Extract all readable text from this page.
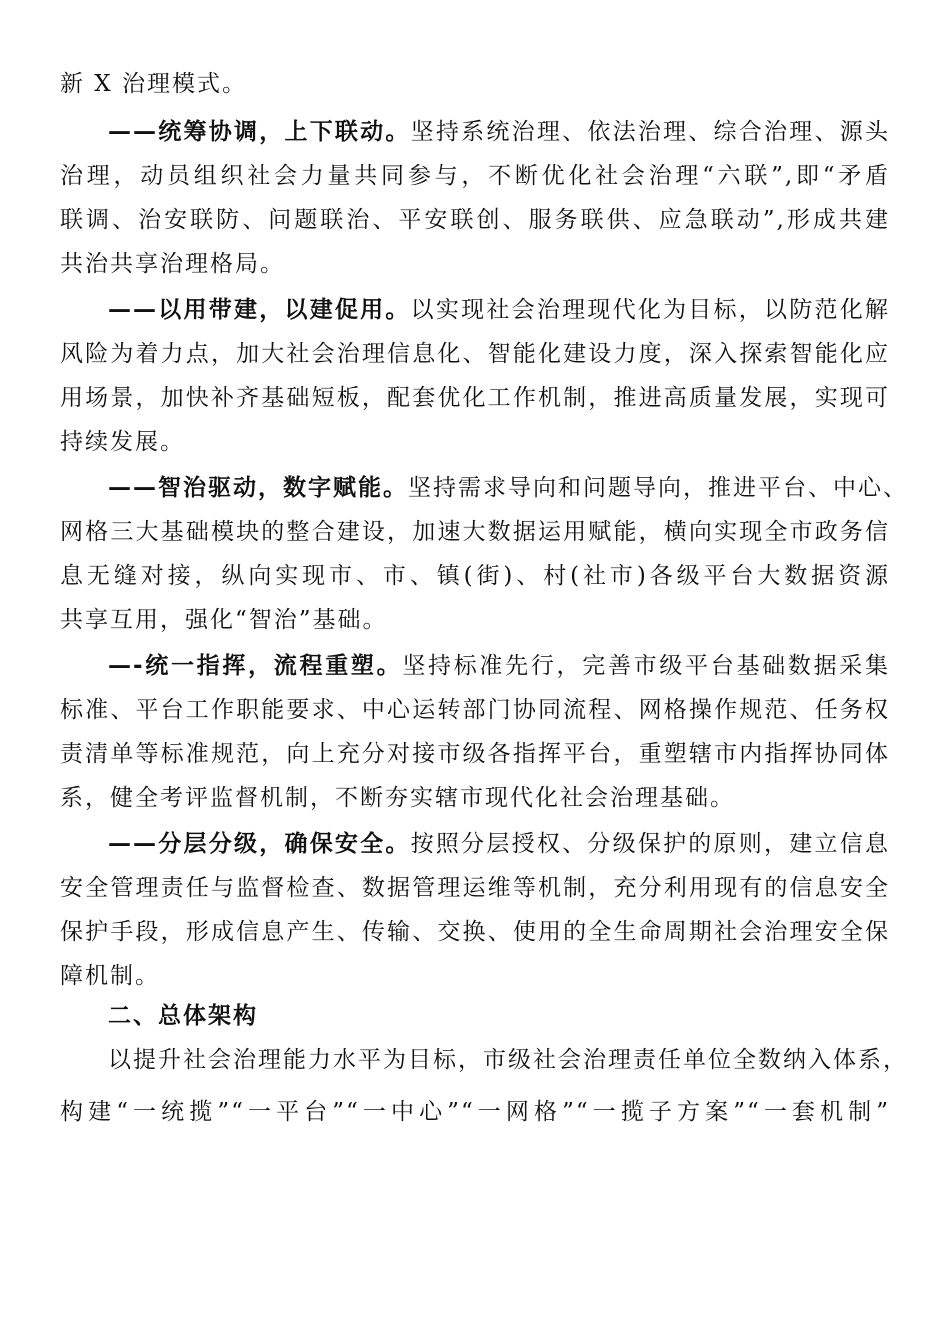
新 X 治理模式。
——统筹协调，上下联动。坚持系统治理、依法治理、综合治理、源头
治理，动员组织社会力量共同参与，不断优化社会治理“六联”,即“矛盾
联调、治安联防、问题联治、平安联创、服务联供、应急联动”,形成共建
共治共享治理格局。
——以用带建，以建促用。以实现社会治理现代化为目标，以防范化解
风险为着力点，加大社会治理信息化、智能化建设力度，深入探索智能化应
用场景，加快补齐基础短板，配套优化工作机制，推进高质量发展，实现可
持续发展。
——智治驱动，数字赋能。坚持需求导向和问题导向，推进平台、中心、
网格三大基础模块的整合建设，加速大数据运用赋能，横向实现全市政务信
息无缝对接，纵向实现市、市、镇(街)、村(社市)各级平台大数据资源
共享互用，强化“智治”基础。
—-统一指挥，流程重塑。坚持标准先行，完善市级平台基础数据采集
标准、平台工作职能要求、中心运转部门协同流程、网格操作规范、任务权
责清单等标准规范，向上充分对接市级各指挥平台，重塑辖市内指挥协同体
系，健全考评监督机制，不断夯实辖市现代化社会治理基础。
——分层分级，确保安全。按照分层授权、分级保护的原则，建立信息
安全管理责任与监督检查、数据管理运维等机制，充分利用现有的信息安全
保护手段，形成信息产生、传输、交换、使用的全生命周期社会治理安全保
障机制。
二、总体架构
以提升社会治理能力水平为目标，市级社会治理责任单位全数纳入体系，
构建“一统揽”“一平台”“一中心”“一网格”“一揽子方案”“一套机制”
